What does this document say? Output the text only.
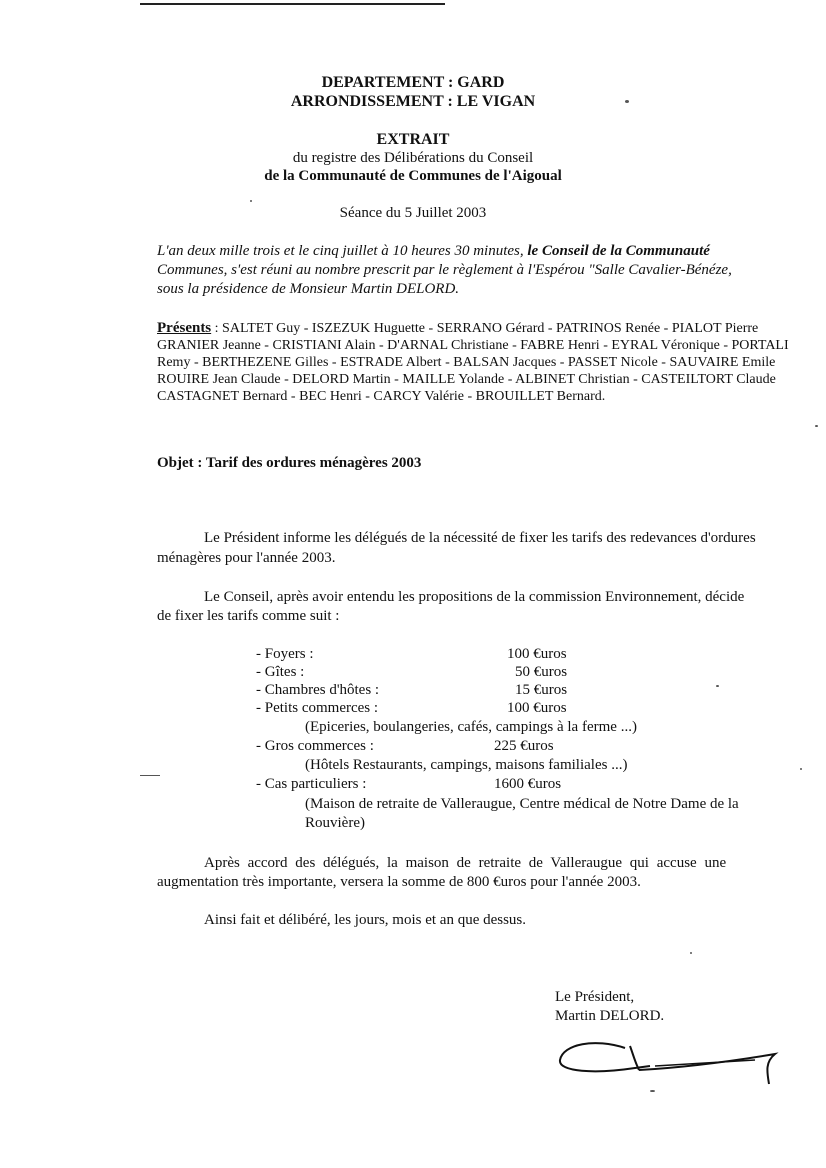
DEPARTEMENT : GARD
ARRONDISSEMENT : LE VIGAN
EXTRAIT
du registre des Délibérations du Conseil
de la Communauté de Communes de l'Aigoual
Séance du 5 Juillet 2003
L'an deux mille trois et le cinq juillet à 10 heures 30 minutes, le Conseil de la Communauté
Communes, s'est réuni au nombre prescrit par le règlement à l'Espérou "Salle Cavalier-Bénéze,
sous la présidence de Monsieur Martin DELORD.
Présents : SALTET Guy - ISZEZUK Huguette - SERRANO Gérard - PATRINOS Renée - PIALOT Pierre
GRANIER Jeanne - CRISTIANI Alain - D'ARNAL Christiane - FABRE Henri - EYRAL Véronique - PORTALI
Remy - BERTHEZENE Gilles - ESTRADE Albert - BALSAN Jacques - PASSET Nicole - SAUVAIRE Emile
ROUIRE Jean Claude - DELORD Martin - MAILLE Yolande - ALBINET Christian - CASTEILTORT Claude
CASTAGNET Bernard - BEC Henri - CARCY Valérie - BROUILLET Bernard.
Objet : Tarif des ordures ménagères 2003
Le Président informe les délégués de la nécessité de fixer les tarifs des redevances d'ordures
ménagères pour l'année 2003.
Le Conseil, après avoir entendu les propositions de la commission Environnement, décide
de fixer les tarifs comme suit :
- Foyers :	100 €uros
- Gîtes :	50 €uros
- Chambres d'hôtes :	15 €uros
- Petits commerces :	100 €uros
(Epiceries, boulangeries, cafés, campings à la ferme ...)
- Gros commerces :	225 €uros
(Hôtels Restaurants, campings, maisons familiales ...)
- Cas particuliers :	1600 €uros
(Maison de retraite de Valleraugue, Centre médical de Notre Dame de la
Rouvière)
Après accord des délégués, la maison de retraite de Valleraugue qui accuse une
augmentation très importante, versera la somme de 800 €uros pour l'année 2003.
Ainsi fait et délibéré, les jours, mois et an que dessus.
Le Président,
Martin DELORD.
